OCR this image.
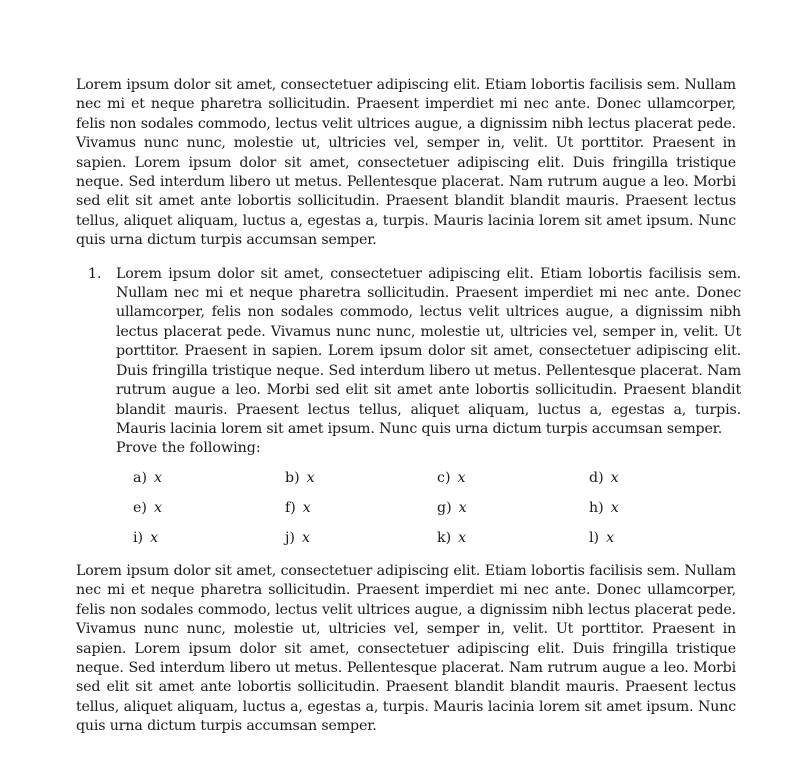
Lorem ipsum dolor sit amet, consectetuer adipiscing elit. Etiam lobortis facilisis sem. Nullam nec mi et neque pharetra sollicitudin. Praesent imperdiet mi nec ante. Donec ullamcorper, felis non sodales commodo, lectus velit ultrices augue, a dignissim nibh lectus placerat pede. Vivamus nunc nunc, molestie ut, ultricies vel, semper in, velit. Ut porttitor. Praesent in sapien. Lorem ipsum dolor sit amet, consectetuer adipiscing elit. Duis fringilla tristique neque. Sed interdum libero ut metus. Pellentesque placerat. Nam rutrum augue a leo. Morbi sed elit sit amet ante lobortis sollicitudin. Praesent blandit blandit mauris. Praesent lectus tellus, aliquet aliquam, luctus a, egestas a, turpis. Mauris lacinia lorem sit amet ipsum. Nunc quis urna dictum turpis accumsan semper.

1.	Lorem ipsum dolor sit amet, consectetuer adipiscing elit. Etiam lobortis facilisis sem. Nullam nec mi et neque pharetra sollicitudin. Praesent imperdiet mi nec ante. Donec ullamcorper, felis non sodales commodo, lectus velit ultrices augue, a dignissim nibh lectus placerat pede. Vivamus nunc nunc, molestie ut, ultricies vel, semper in, velit. Ut porttitor. Praesent in sapien. Lorem ipsum dolor sit amet, consectetuer adipiscing elit. Duis fringilla tristique neque. Sed interdum libero ut metus. Pellentesque placerat. Nam rutrum augue a leo. Morbi sed elit sit amet ante lobortis sollicitudin. Praesent blandit blandit mauris. Praesent lectus tellus, aliquet aliquam, luctus a, egestas a, turpis. Mauris lacinia lorem sit amet ipsum. Nunc quis urna dictum turpis accumsan semper.

Prove the following:

a) x	b) x	c) x	d) x
e) x	f) x	g) x	h) x
i) x	j) x	k) x	l) x

Lorem ipsum dolor sit amet, consectetuer adipiscing elit. Etiam lobortis facilisis sem. Nullam nec mi et neque pharetra sollicitudin. Praesent imperdiet mi nec ante. Donec ullamcorper, felis non sodales commodo, lectus velit ultrices augue, a dignissim nibh lectus placerat pede. Vivamus nunc nunc, molestie ut, ultricies vel, semper in, velit. Ut porttitor. Praesent in sapien. Lorem ipsum dolor sit amet, consectetuer adipiscing elit. Duis fringilla tristique neque. Sed interdum libero ut metus. Pellentesque placerat. Nam rutrum augue a leo. Morbi sed elit sit amet ante lobortis sollicitudin. Praesent blandit blandit mauris. Praesent lectus tellus, aliquet aliquam, luctus a, egestas a, turpis. Mauris lacinia lorem sit amet ipsum. Nunc quis urna dictum turpis accumsan semper.
